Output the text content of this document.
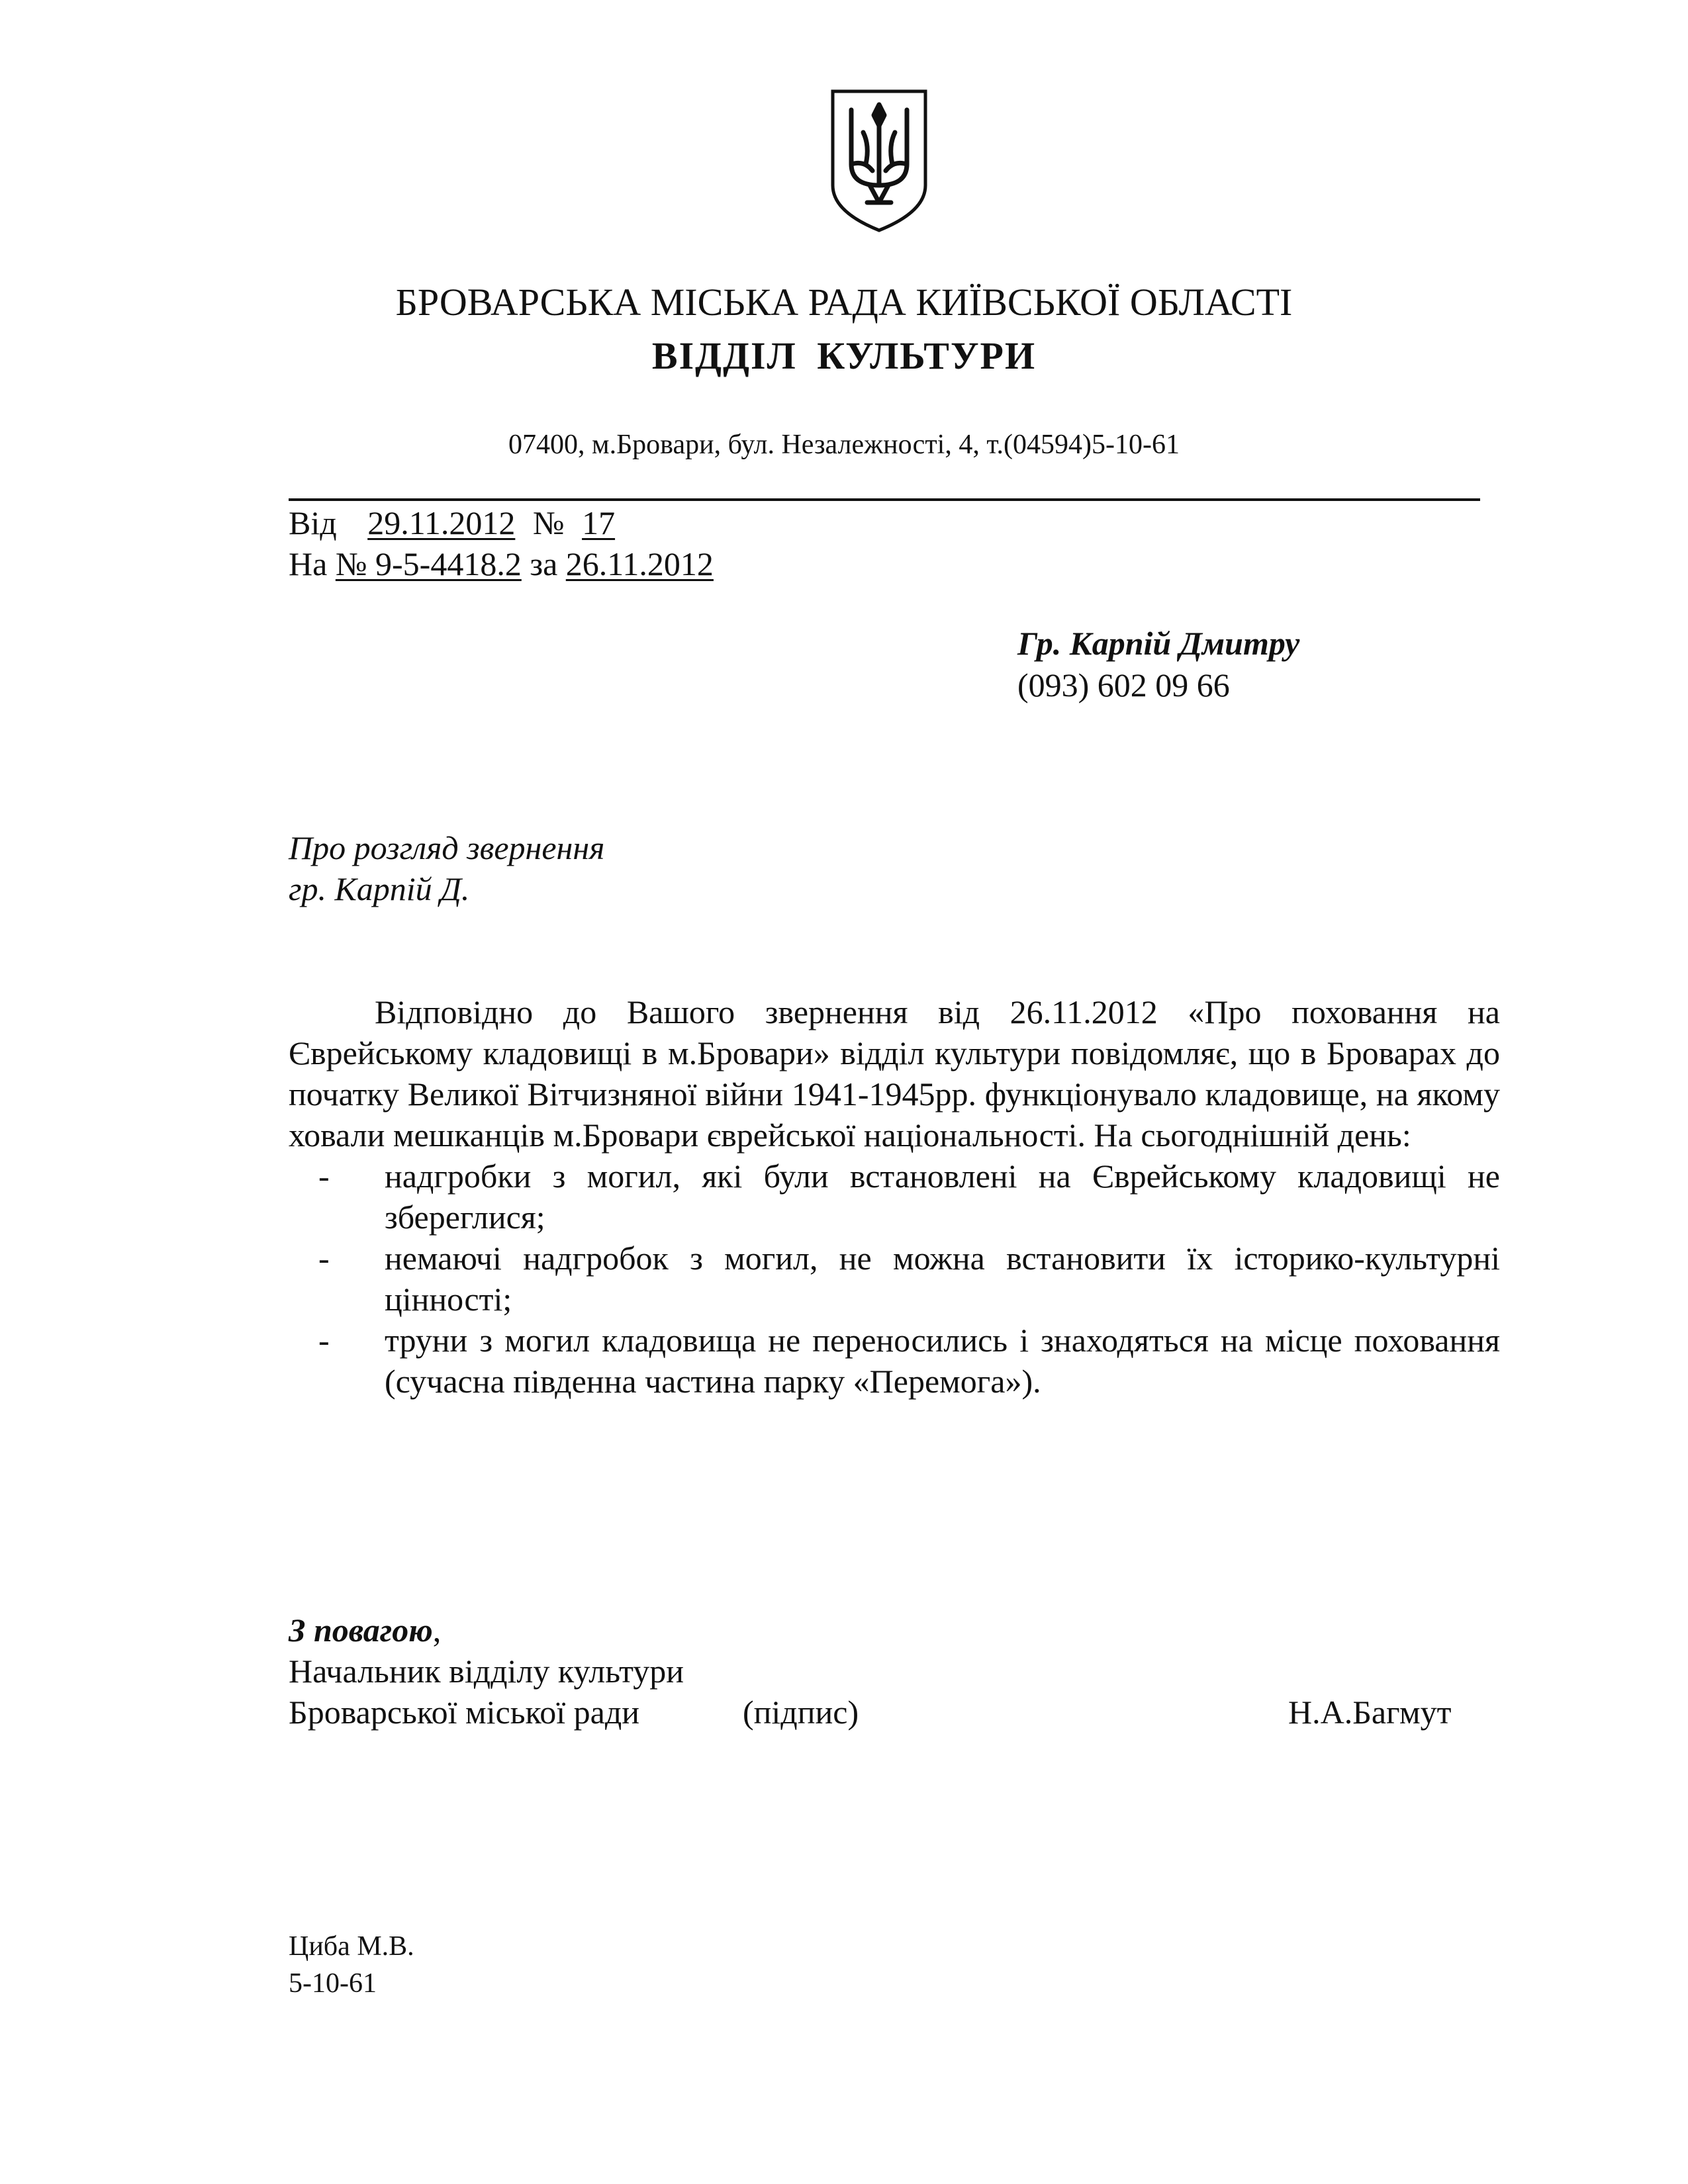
БРОВАРСЬКА МІСЬКА РАДА КИЇВСЬКОЇ ОБЛАСТІ
ВІДДІЛ КУЛЬТУРИ
07400, м.Бровари, бул. Незалежності, 4, т.(04594)5-10-61
Від 29.11.2012 № 17
На № 9-5-4418.2 за 26.11.2012
Гр. Карпій Дмитру
(093) 602 09 66
Про розгляд звернення
гр. Карпій Д.

Відповідно до Вашого звернення від 26.11.2012 «Про поховання на Єврейському кладовищі в м.Бровари» відділ культури повідомляє, що в Броварах до початку Великої Вітчизняної війни 1941-1945рр. функціонувало кладовище, на якому ховали мешканців м.Бровари єврейської національності. На сьогоднішній день:

- надгробки з могил, які були встановлені на Єврейському кладовищі не збереглися;
- немаючі надгробок з могил, не можна встановити їх історико-культурні цінності;
- труни з могил кладовища не переносились і знаходяться на місце поховання (сучасна південна частина парку «Перемога»).
З повагою,
Начальник відділу культури
Броварської міської ради	(підпис)	Н.А.Багмут
Циба М.В.
5-10-61
